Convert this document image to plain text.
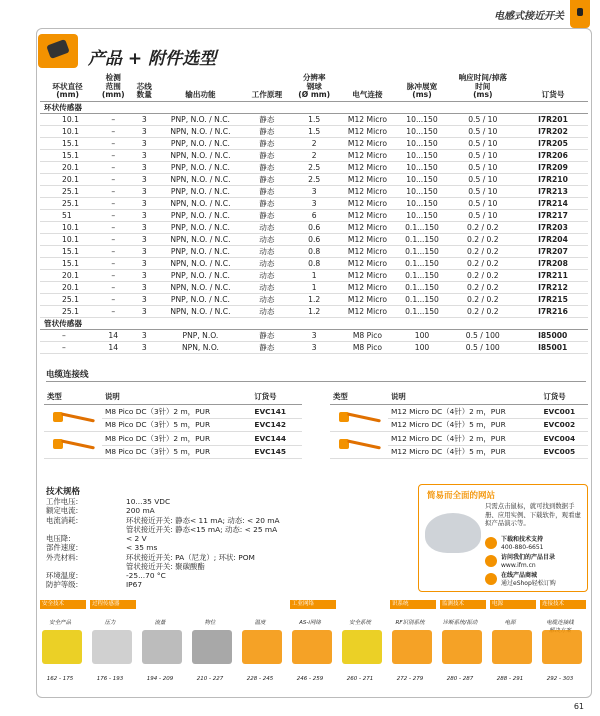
电感式接近开关
产品 + 附件选型
环状直径
(mm)	检测
范围
(mm)	芯线
数量	输出功能	工作原理	分辨率
钢球
(Ø mm)	电气连接	脉冲展宽
(ms)	响应时间/掉落
时间
(ms)	订货号
环状传感器									
10.1	–	3	PNP, N.O. / N.C.	静态	1.5	M12 Micro	10...150	0.5 / 10	I7R201
10.1	–	3	NPN, N.O. / N.C.	静态	1.5	M12 Micro	10...150	0.5 / 10	I7R202
15.1	–	3	PNP, N.O. / N.C.	静态	2	M12 Micro	10...150	0.5 / 10	I7R205
15.1	–	3	NPN, N.O. / N.C.	静态	2	M12 Micro	10...150	0.5 / 10	I7R206
20.1	–	3	PNP, N.O. / N.C.	静态	2.5	M12 Micro	10...150	0.5 / 10	I7R209
20.1	–	3	NPN, N.O. / N.C.	静态	2.5	M12 Micro	10...150	0.5 / 10	I7R210
25.1	–	3	PNP, N.O. / N.C.	静态	3	M12 Micro	10...150	0.5 / 10	I7R213
25.1	–	3	NPN, N.O. / N.C.	静态	3	M12 Micro	10...150	0.5 / 10	I7R214
51	–	3	PNP, N.O. / N.C.	静态	6	M12 Micro	10...150	0.5 / 10	I7R217
10.1	–	3	PNP, N.O. / N.C.	动态	0.6	M12 Micro	0.1...150	0.2 / 0.2	I7R203
10.1	–	3	NPN, N.O. / N.C.	动态	0.6	M12 Micro	0.1...150	0.2 / 0.2	I7R204
15.1	–	3	PNP, N.O. / N.C.	动态	0.8	M12 Micro	0.1...150	0.2 / 0.2	I7R207
15.1	–	3	NPN, N.O. / N.C.	动态	0.8	M12 Micro	0.1...150	0.2 / 0.2	I7R208
20.1	–	3	PNP, N.O. / N.C.	动态	1	M12 Micro	0.1...150	0.2 / 0.2	I7R211
20.1	–	3	NPN, N.O. / N.C.	动态	1	M12 Micro	0.1...150	0.2 / 0.2	I7R212
25.1	–	3	PNP, N.O. / N.C.	动态	1.2	M12 Micro	0.1...150	0.2 / 0.2	I7R215
25.1	–	3	NPN, N.O. / N.C.	动态	1.2	M12 Micro	0.1...150	0.2 / 0.2	I7R216
管状传感器									
–	14	3	PNP, N.O.	静态	3	M8 Pico	100	0.5 / 100	I85000
–	14	3	NPN, N.O.	静态	3	M8 Pico	100	0.5 / 100	I85001
电缆连接线
类型	说明	订货号

	M8 Pico DC（3针）2 m，PUR	EVC141
	M8 Pico DC（3针）5 m，PUR	EVC142

	M8 Pico DC（3针）2 m，PUR	EVC144
	M8 Pico DC（3针）5 m，PUR	EVC145
类型	说明	订货号

	M12 Micro DC（4针）2 m，PUR	EVC001
	M12 Micro DC（4针）5 m，PUR	EVC002

	M12 Micro DC（4针）2 m，PUR	EVC004
	M12 Micro DC（4针）5 m，PUR	EVC005
技术规格
工作电压:	10...35 VDC
额定电流:	200 mA
电流消耗:	环状接近开关: 静态< 11 mA; 动态: < 20 mA
	管状接近开关: 静态<15 mA; 动态: < 25 mA
电压降:	< 2 V
部件速度:	< 35 ms
外壳材料:	环状接近开关: PA（尼龙）; 环状: POM
	管状接近开关: 聚碳酸酯
环境温度:	-25...70 °C
防护等级:	IP67
简易而全面的网站
只需点击鼠标，就可找到数据手册、应用实例、下载软件，观看虚拟产品演示等。
下载和技术支持
400-880-6651
访问我们的产品目录
www.ifm.cn
在线产品商城
通过eShop轻松订购
安全技术
安全产品
162 - 175
过程传感器
压力
176 - 193
流量
194 - 209
物位
210 - 227
温度
228 - 245
工业网络
AS-i网络
246 - 259
安全系统
260 - 271
识系统
RF识别系统
272 - 279
监测技术
诊断系统/振动
280 - 287
电源
电源
288 - 291
连接技术
电缆连接线

292 - 303
61
